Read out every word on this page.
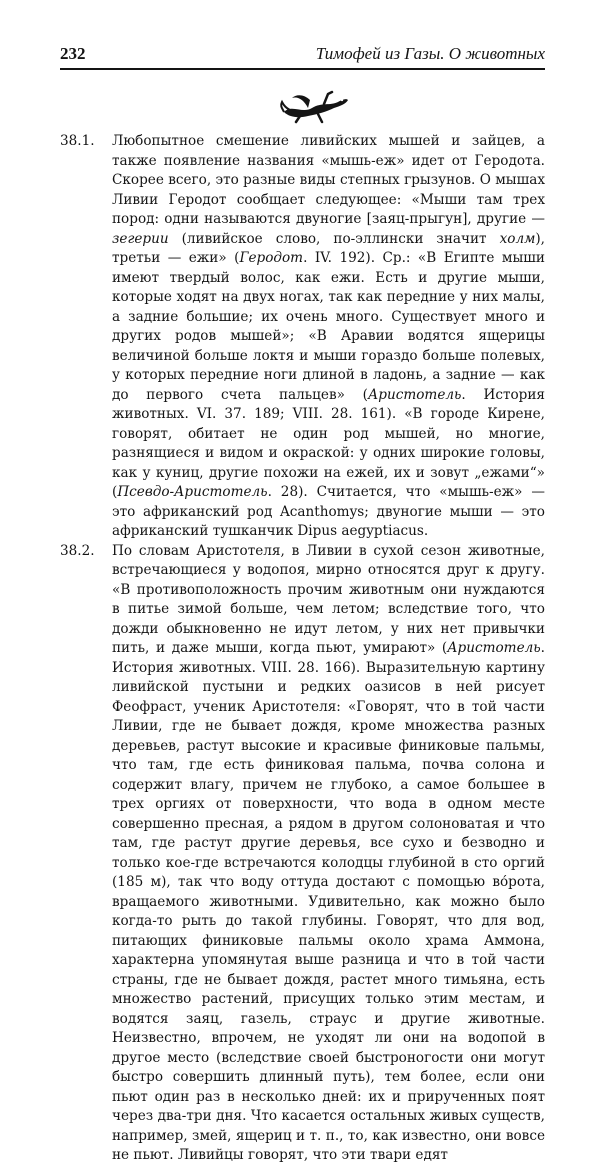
232	Тимофей из Газы. О животных
38.1. Любопытное смешение ливийских мышей и зайцев, а также появление названия «мышь-еж» идет от Геродота. Скорее всего, это разные виды степных грызунов. О мышах Ливии Геродот сообщает следующее: «Мыши там трех пород: одни называются двуногие [заяц-прыгун], другие — зегерии (ливийское слово, по-эллински значит холм), третьи — ежи» (Геродот. IV. 192). Ср.: «В Египте мыши имеют твердый волос, как ежи. Есть и другие мыши, которые ходят на двух ногах, так как передние у них малы, а задние большие; их очень много. Существует много и других родов мышей»; «В Аравии водятся ящерицы величиной больше локтя и мыши гораздо больше полевых, у которых передние ноги длиной в ладонь, а задние — как до первого счета пальцев» (Аристотель. История животных. VI. 37. 189; VIII. 28. 161). «В городе Кирене, говорят, обитает не один род мышей, но многие, разнящиеся и видом и окраской: у одних широкие головы, как у куниц, другие похожи на ежей, их и зовут „ежами“» (Псевдо-Аристотель. 28). Считается, что «мышь-еж» — это африканский род Acanthomys; двуногие мыши — это африканский тушканчик Dipus aegyptiacus.
38.2. По словам Аристотеля, в Ливии в сухой сезон животные, встречающиеся у водопоя, мирно относятся друг к другу. «В противоположность прочим животным они нуждаются в питье зимой больше, чем летом; вследствие того, что дожди обыкновенно не идут летом, у них нет привычки пить, и даже мыши, когда пьют, умирают» (Аристотель. История животных. VIII. 28. 166). Выразительную картину ливийской пустыни и редких оазисов в ней рисует Феофраст, ученик Аристотеля: «Говорят, что в той части Ливии, где не бывает дождя, кроме множества разных деревьев, растут высокие и красивые финиковые пальмы, что там, где есть финиковая пальма, почва солона и содержит влагу, причем не глубоко, а самое большее в трех оргиях от поверхности, что вода в одном месте совершенно пресная, а рядом в другом солоноватая и что там, где растут другие деревья, все сухо и безводно и только кое-где встречаются колодцы глубиной в сто оргий (185 м), так что воду оттуда достают с помощью во́рота, вращаемого животными. Удивительно, как можно было когда-то рыть до такой глубины. Говорят, что для вод, питающих финиковые пальмы около храма Аммона, характерна упомянутая выше разница и что в той части страны, где не бывает дождя, растет много тимьяна, есть множество растений, присущих только этим местам, и водятся заяц, газель, страус и другие животные. Неизвестно, впрочем, не уходят ли они на водопой в другое место (вследствие своей быстроногости они могут быстро совершить длинный путь), тем более, если они пьют один раз в несколько дней: их и прирученных поят через два-три дня. Что касается остальных живых существ, например, змей, ящериц и т. п., то, как известно, они вовсе не пьют. Ливийцы говорят, что эти твари едят
